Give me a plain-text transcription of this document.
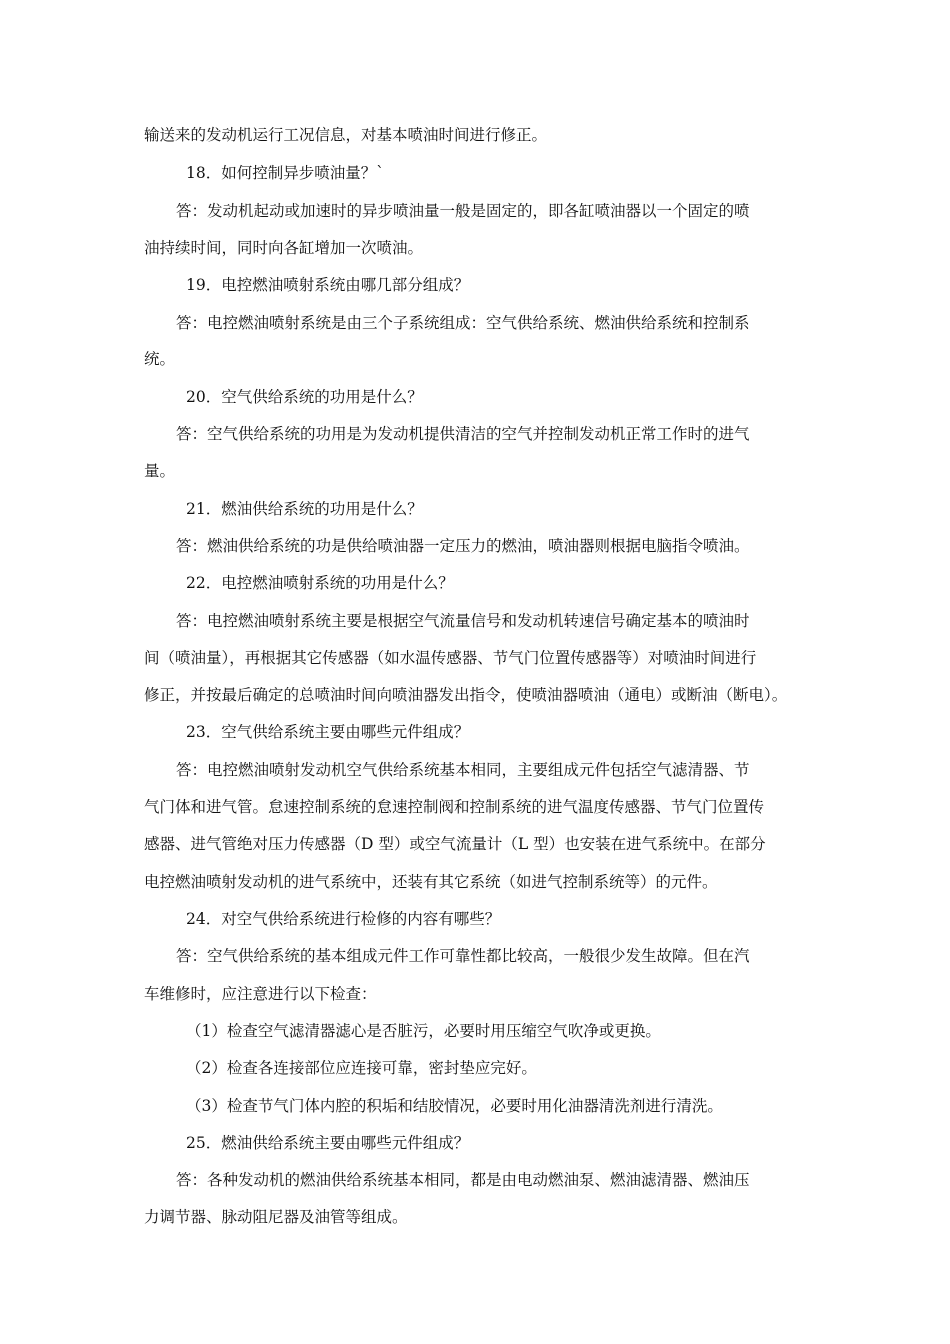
输送来的发动机运行工况信息，对基本喷油时间进行修正。
18．如何控制异步喷油量？`
答：发动机起动或加速时的异步喷油量一般是固定的，即各缸喷油器以一个固定的喷
油持续时间，同时向各缸增加一次喷油。
19．电控燃油喷射系统由哪几部分组成？
答：电控燃油喷射系统是由三个子系统组成：空气供给系统、燃油供给系统和控制系
统。
20．空气供给系统的功用是什么？
答：空气供给系统的功用是为发动机提供清洁的空气并控制发动机正常工作时的进气
量。
21．燃油供给系统的功用是什么？
答：燃油供给系统的功是供给喷油器一定压力的燃油，喷油器则根据电脑指令喷油。
22．电控燃油喷射系统的功用是什么？
答：电控燃油喷射系统主要是根据空气流量信号和发动机转速信号确定基本的喷油时
间（喷油量），再根据其它传感器（如水温传感器、节气门位置传感器等）对喷油时间进行
修正，并按最后确定的总喷油时间向喷油器发出指令，使喷油器喷油（通电）或断油（断电）。
23．空气供给系统主要由哪些元件组成？
答：电控燃油喷射发动机空气供给系统基本相同，主要组成元件包括空气滤清器、节
气门体和进气管。怠速控制系统的怠速控制阀和控制系统的进气温度传感器、节气门位置传
感器、进气管绝对压力传感器（D 型）或空气流量计（L 型）也安装在进气系统中。在部分
电控燃油喷射发动机的进气系统中，还装有其它系统（如进气控制系统等）的元件。
24．对空气供给系统进行检修的内容有哪些？
答：空气供给系统的基本组成元件工作可靠性都比较高，一般很少发生故障。但在汽
车维修时，应注意进行以下检查：
（1）检查空气滤清器滤心是否脏污，必要时用压缩空气吹净或更换。
（2）检查各连接部位应连接可靠，密封垫应完好。
（3）检查节气门体内腔的积垢和结胶情况，必要时用化油器清洗剂进行清洗。
25．燃油供给系统主要由哪些元件组成？
答：各种发动机的燃油供给系统基本相同，都是由电动燃油泵、燃油滤清器、燃油压
力调节器、脉动阻尼器及油管等组成。
